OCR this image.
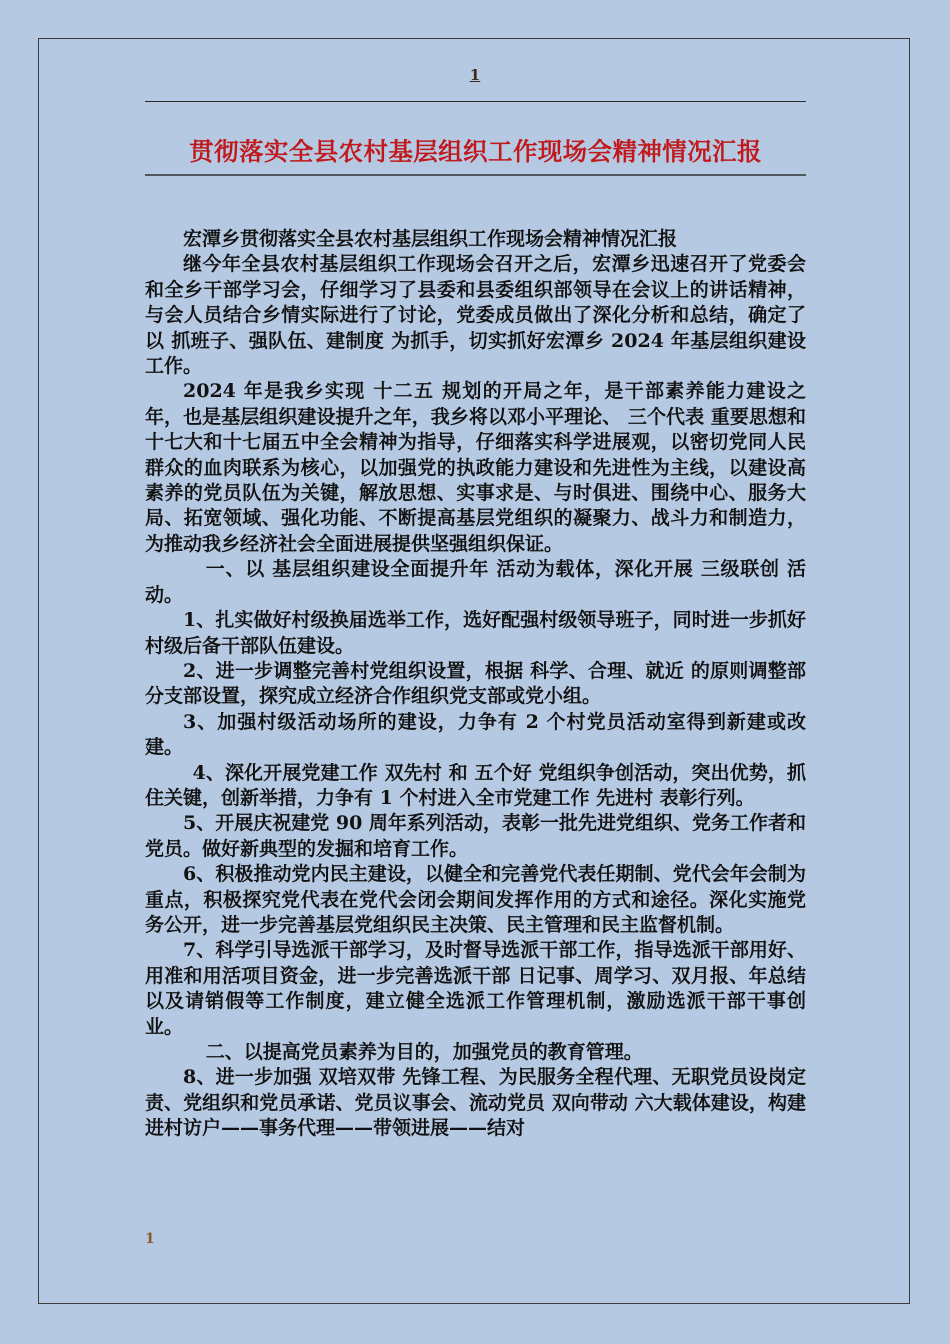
1
贯彻落实全县农村基层组织工作现场会精神情况汇报

宏潭乡贯彻落实全县农村基层组织工作现场会精神情况汇报

继今年全县农村基层组织工作现场会召开之后，宏潭乡迅速召开了党委会和全乡干部学习会，仔细学习了县委和县委组织部领导在会议上的讲话精神，与会人员结合乡情实际进行了讨论，党委成员做出了深化分析和总结，确定了以 抓班子、强队伍、建制度 为抓手，切实抓好宏潭乡 2024 年基层组织建设工作。

2024 年是我乡实现 十二五 规划的开局之年，是干部素养能力建设之年，也是基层组织建设提升之年，我乡将以邓小平理论、 三个代表 重要思想和十七大和十七届五中全会精神为指导，仔细落实科学进展观，以密切党同人民群众的血肉联系为核心，以加强党的执政能力建设和先进性为主线，以建设高素养的党员队伍为关键，解放思想、实事求是、与时俱进、围绕中心、服务大局、拓宽领域、强化功能、不断提高基层党组织的凝聚力、战斗力和制造力，为推动我乡经济社会全面进展提供坚强组织保证。

一、以 基层组织建设全面提升年 活动为载体，深化开展 三级联创 活动。

1、扎实做好村级换届选举工作，选好配强村级领导班子，同时进一步抓好村级后备干部队伍建设。

2、进一步调整完善村党组织设置，根据 科学、合理、就近 的原则调整部分支部设置，探究成立经济合作组织党支部或党小组。

3、加强村级活动场所的建设，力争有 2 个村党员活动室得到新建或改建。

4、深化开展党建工作 双先村 和 五个好 党组织争创活动，突出优势，抓住关键，创新举措，力争有 1 个村进入全市党建工作 先进村 表彰行列。

5、开展庆祝建党 90 周年系列活动，表彰一批先进党组织、党务工作者和党员。做好新典型的发掘和培育工作。

6、积极推动党内民主建设，以健全和完善党代表任期制、党代会年会制为重点，积极探究党代表在党代会闭会期间发挥作用的方式和途径。深化实施党务公开，进一步完善基层党组织民主决策、民主管理和民主监督机制。

7、科学引导选派干部学习，及时督导选派干部工作，指导选派干部用好、用准和用活项目资金，进一步完善选派干部 日记事、周学习、双月报、年总结 以及请销假等工作制度，建立健全选派工作管理机制，激励选派干部干事创业。

二、以提高党员素养为目的，加强党员的教育管理。

8、进一步加强 双培双带 先锋工程、为民服务全程代理、无职党员设岗定责、党组织和党员承诺、党员议事会、流动党员 双向带动 六大载体建设，构建 进村访户——事务代理——带领进展——结对

1
